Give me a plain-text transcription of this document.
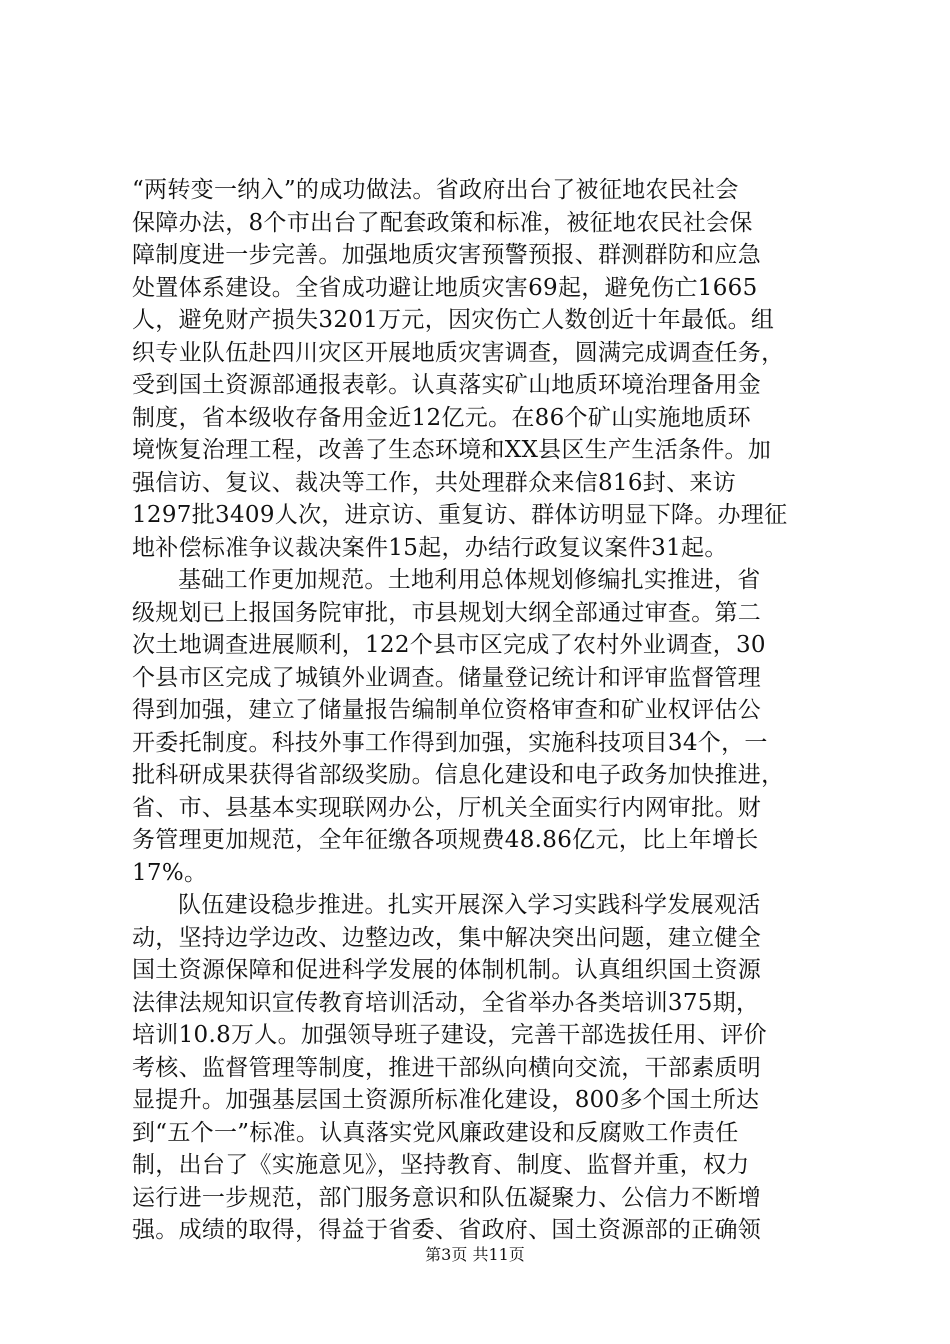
“两转变一纳入”的成功做法。省政府出台了被征地农民社会
保障办法，8个市出台了配套政策和标准，被征地农民社会保
障制度进一步完善。加强地质灾害预警预报、群测群防和应急
处置体系建设。全省成功避让地质灾害69起，避免伤亡1665
人，避免财产损失3201万元，因灾伤亡人数创近十年最低。组
织专业队伍赴四川灾区开展地质灾害调查，圆满完成调查任务，
受到国土资源部通报表彰。认真落实矿山地质环境治理备用金
制度，省本级收存备用金近12亿元。在86个矿山实施地质环
境恢复治理工程，改善了生态环境和XX县区生产生活条件。加
强信访、复议、裁决等工作，共处理群众来信816封、来访
1297批3409人次，进京访、重复访、群体访明显下降。办理征
地补偿标准争议裁决案件15起，办结行政复议案件31起。
基础工作更加规范。土地利用总体规划修编扎实推进，省
级规划已上报国务院审批，市县规划大纲全部通过审查。第二
次土地调查进展顺利，122个县市区完成了农村外业调查，30
个县市区完成了城镇外业调查。储量登记统计和评审监督管理
得到加强，建立了储量报告编制单位资格审查和矿业权评估公
开委托制度。科技外事工作得到加强，实施科技项目34个，一
批科研成果获得省部级奖励。信息化建设和电子政务加快推进，
省、市、县基本实现联网办公，厅机关全面实行内网审批。财
务管理更加规范，全年征缴各项规费48.86亿元，比上年增长
17%。
队伍建设稳步推进。扎实开展深入学习实践科学发展观活
动，坚持边学边改、边整边改，集中解决突出问题，建立健全
国土资源保障和促进科学发展的体制机制。认真组织国土资源
法律法规知识宣传教育培训活动，全省举办各类培训375期，
培训10.8万人。加强领导班子建设，完善干部选拔任用、评价
考核、监督管理等制度，推进干部纵向横向交流，干部素质明
显提升。加强基层国土资源所标准化建设，800多个国土所达
到“五个一”标准。认真落实党风廉政建设和反腐败工作责任
制，出台了《实施意见》，坚持教育、制度、监督并重，权力
运行进一步规范，部门服务意识和队伍凝聚力、公信力不断增
强。成绩的取得，得益于省委、省政府、国土资源部的正确领
第3页 共11页
